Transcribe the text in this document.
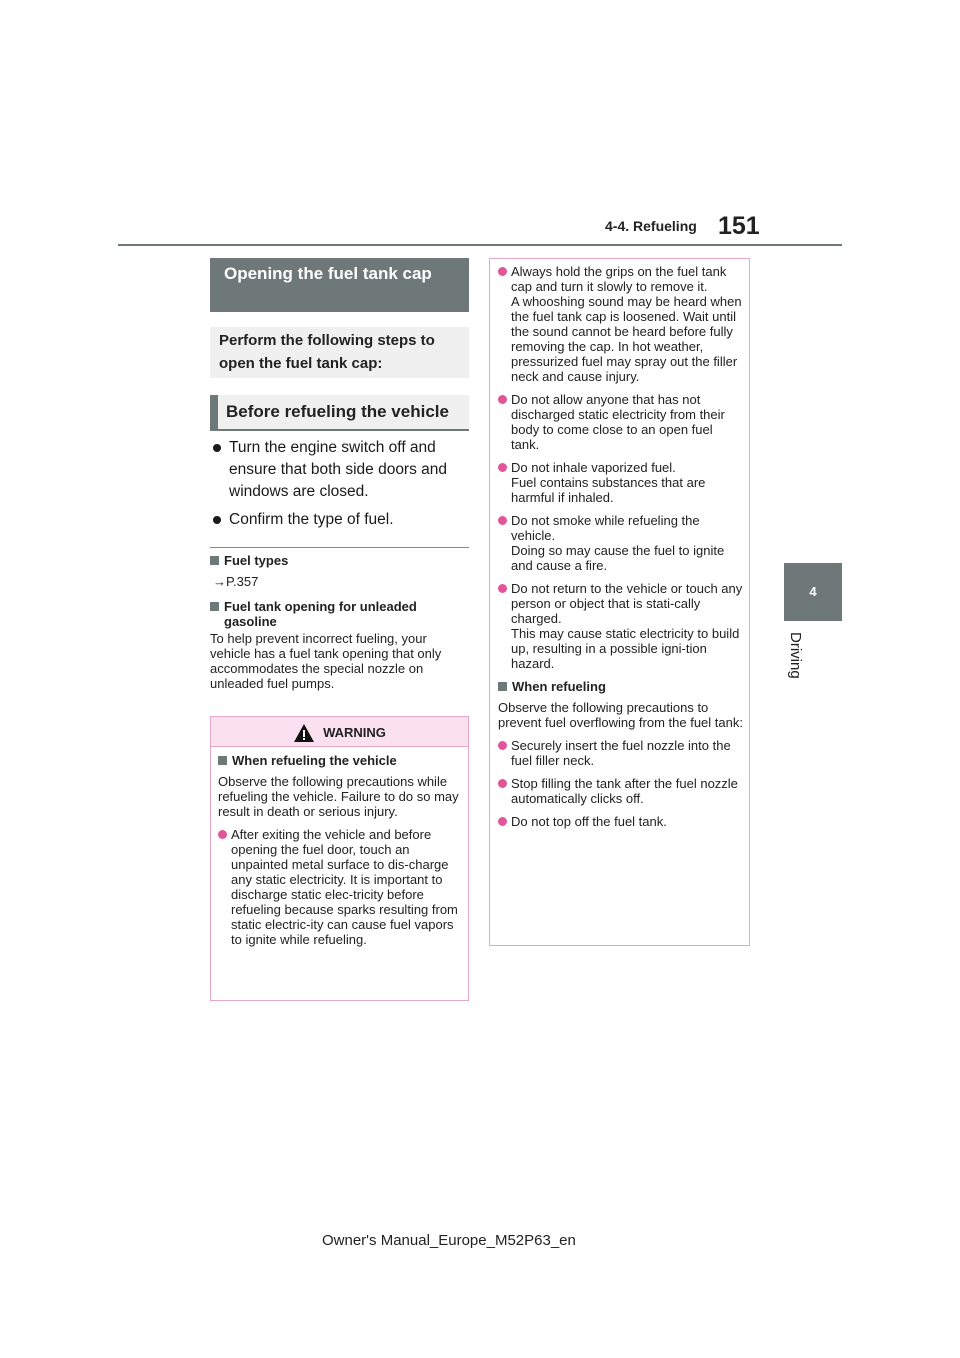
4-4. Refueling 151
4
Driving
Opening the fuel tank cap
Perform the following steps to open the fuel tank cap:
Before refueling the vehicle
Turn the engine switch off and ensure that both side doors and windows are closed.
Confirm the type of fuel.
Fuel types
→P.357
Fuel tank opening for unleaded gasoline
To help prevent incorrect fueling, your vehicle has a fuel tank opening that only accommodates the special nozzle on unleaded fuel pumps.
WARNING
When refueling the vehicle
Observe the following precautions while refueling the vehicle. Failure to do so may result in death or serious injury.
After exiting the vehicle and before opening the fuel door, touch an unpainted metal surface to dis-charge any static electricity. It is important to discharge static elec-tricity before refueling because sparks resulting from static electric-ity can cause fuel vapors to ignite while refueling.
Always hold the grips on the fuel tank cap and turn it slowly to remove it.
A whooshing sound may be heard when the fuel tank cap is loosened. Wait until the sound cannot be heard before fully removing the cap. In hot weather, pressurized fuel may spray out the filler neck and cause injury.
Do not allow anyone that has not discharged static electricity from their body to come close to an open fuel tank.
Do not inhale vaporized fuel.
Fuel contains substances that are harmful if inhaled.
Do not smoke while refueling the vehicle.
Doing so may cause the fuel to ignite and cause a fire.
Do not return to the vehicle or touch any person or object that is stati-cally charged.
This may cause static electricity to build up, resulting in a possible igni-tion hazard.
When refueling
Observe the following precautions to prevent fuel overflowing from the fuel tank:
Securely insert the fuel nozzle into the fuel filler neck.
Stop filling the tank after the fuel nozzle automatically clicks off.
Do not top off the fuel tank.
Owner's Manual_Europe_M52P63_en
